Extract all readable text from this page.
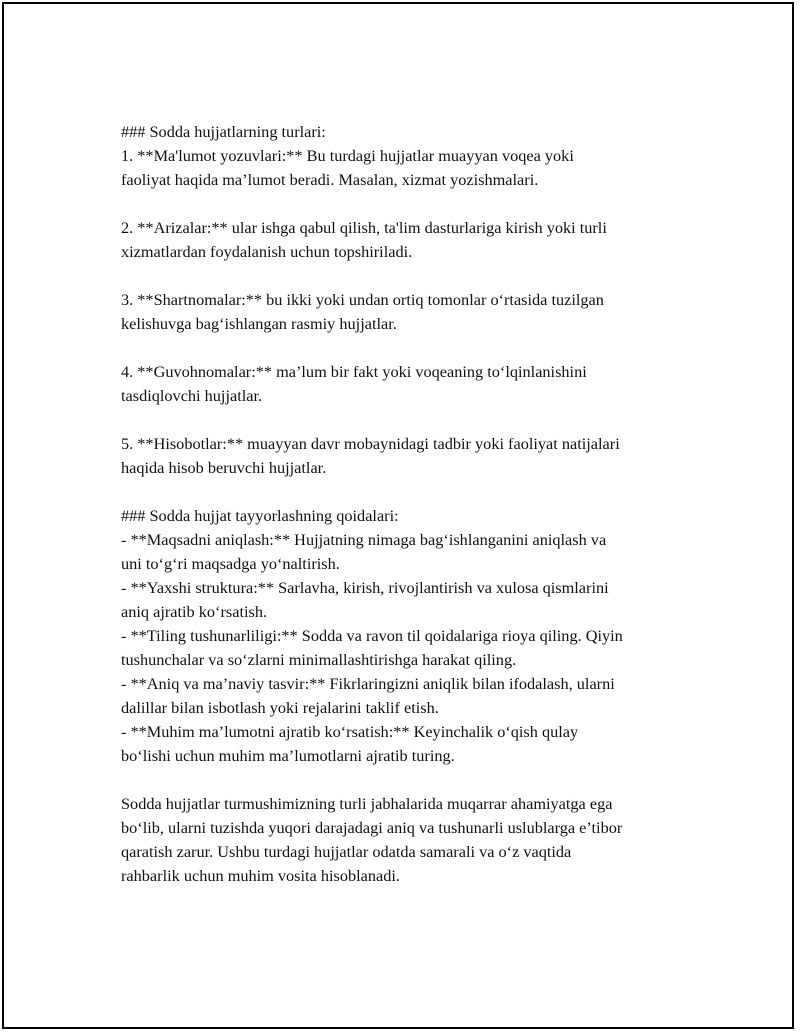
### Sodda hujjatlarning turlari:
1. **Ma'lumot yozuvlari:** Bu turdagi hujjatlar muayyan voqea yoki
faoliyat haqida ma’lumot beradi. Masalan, xizmat yozishmalari.
2. **Arizalar:** ular ishga qabul qilish, ta'lim dasturlariga kirish yoki turli
xizmatlardan foydalanish uchun topshiriladi.
3. **Shartnomalar:** bu ikki yoki undan ortiq tomonlar o‘rtasida tuzilgan
kelishuvga bag‘ishlangan rasmiy hujjatlar.
4. **Guvohnomalar:** ma’lum bir fakt yoki voqeaning to‘lqinlanishini
tasdiqlovchi hujjatlar.
5. **Hisobotlar:** muayyan davr mobaynidagi tadbir yoki faoliyat natijalari
haqida hisob beruvchi hujjatlar.
### Sodda hujjat tayyorlashning qoidalari:
- **Maqsadni aniqlash:** Hujjatning nimaga bag‘ishlanganini aniqlash va
uni to‘g‘ri maqsadga yo‘naltirish.
- **Yaxshi struktura:** Sarlavha, kirish, rivojlantirish va xulosa qismlarini
aniq ajratib ko‘rsatish.
- **Tiling tushunarliligi:** Sodda va ravon til qoidalariga rioya qiling. Qiyin
tushunchalar va so‘zlarni minimallashtirishga harakat qiling.
- **Aniq va ma’naviy tasvir:** Fikrlaringizni aniqlik bilan ifodalash, ularni
dalillar bilan isbotlash yoki rejalarini taklif etish.
- **Muhim ma’lumotni ajratib ko‘rsatish:** Keyinchalik o‘qish qulay
bo‘lishi uchun muhim ma’lumotlarni ajratib turing.
Sodda hujjatlar turmushimizning turli jabhalarida muqarrar ahamiyatga ega
bo‘lib, ularni tuzishda yuqori darajadagi aniq va tushunarli uslublarga e’tibor
qaratish zarur. Ushbu turdagi hujjatlar odatda samarali va o‘z vaqtida
rahbarlik uchun muhim vosita hisoblanadi.
